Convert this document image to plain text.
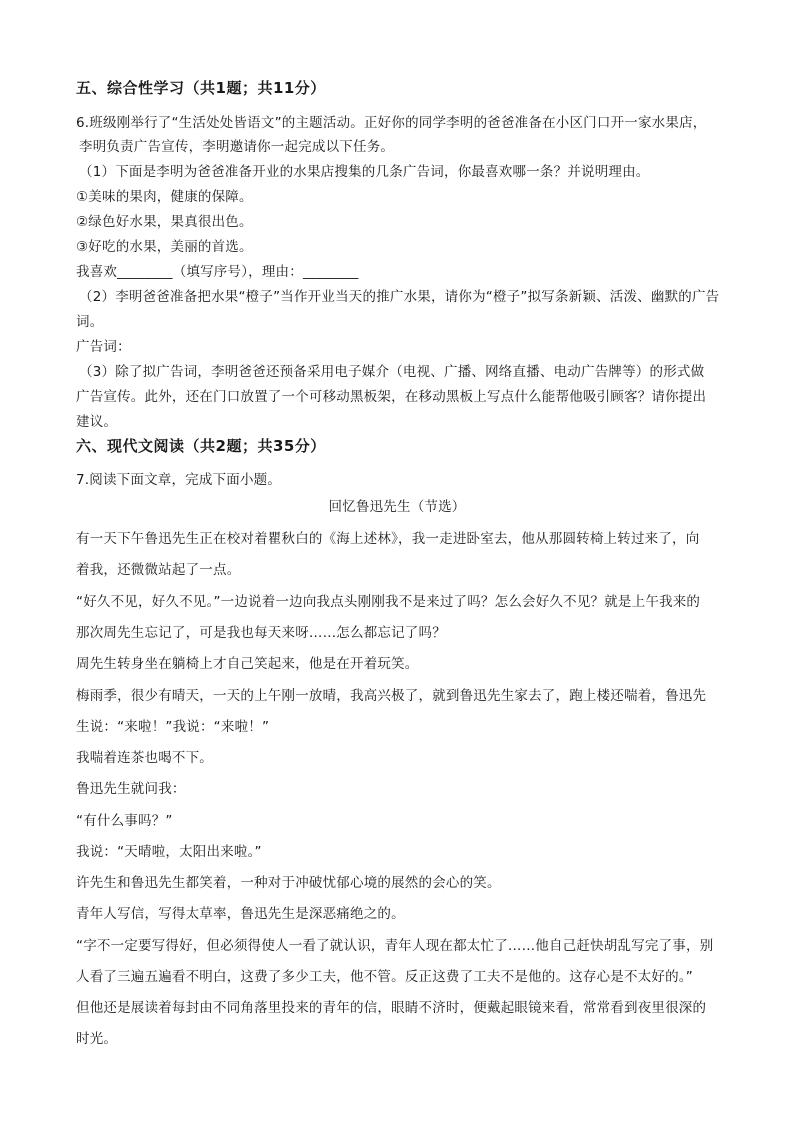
五、综合性学习（共1题；共11分）
6.班级刚举行了“生活处处皆语文”的主题活动。正好你的同学李明的爸爸准备在小区门口开一家水果店，
李明负责广告宣传，李明邀请你一起完成以下任务。
（1）下面是李明为爸爸准备开业的水果店搜集的几条广告词，你最喜欢哪一条？并说明理由。
①美味的果肉，健康的保障。
②绿色好水果，果真很出色。
③好吃的水果，美丽的首选。
我喜欢________（填写序号），理由：________
（2）李明爸爸准备把水果“橙子”当作开业当天的推广水果，请你为“橙子”拟写条新颖、活泼、幽默的广告
词。
广告词：
（3）除了拟广告词，李明爸爸还预备采用电子媒介（电视、广播、网络直播、电动广告牌等）的形式做
广告宣传。此外，还在门口放置了一个可移动黑板架，在移动黑板上写点什么能帮他吸引顾客？请你提出
建议。
六、现代文阅读（共2题；共35分）
7.阅读下面文章，完成下面小题。
回忆鲁迅先生（节选）
有一天下午鲁迅先生正在校对着瞿秋白的《海上述林》，我一走进卧室去，他从那圆转椅上转过来了，向
着我，还微微站起了一点。
“好久不见，好久不见。”一边说着一边向我点头刚刚我不是来过了吗？怎么会好久不见？就是上午我来的
那次周先生忘记了，可是我也每天来呀……怎么都忘记了吗？
周先生转身坐在躺椅上才自己笑起来，他是在开着玩笑。
梅雨季，很少有晴天，一天的上午刚一放晴，我高兴极了，就到鲁迅先生家去了，跑上楼还喘着，鲁迅先
生说：“来啦！”我说：“来啦！”
我喘着连茶也喝不下。
鲁迅先生就问我：
“有什么事吗？”
我说：“天晴啦，太阳出来啦。”
许先生和鲁迅先生都笑着，一种对于冲破忧郁心境的展然的会心的笑。
青年人写信，写得太草率，鲁迅先生是深恶痛绝之的。
“字不一定要写得好，但必须得使人一看了就认识，青年人现在都太忙了……他自己赶快胡乱写完了事，别
人看了三遍五遍看不明白，这费了多少工夫，他不管。反正这费了工夫不是他的。这存心是不太好的。”
但他还是展读着每封由不同角落里投来的青年的信，眼睛不济时，便戴起眼镜来看，常常看到夜里很深的
时光。
